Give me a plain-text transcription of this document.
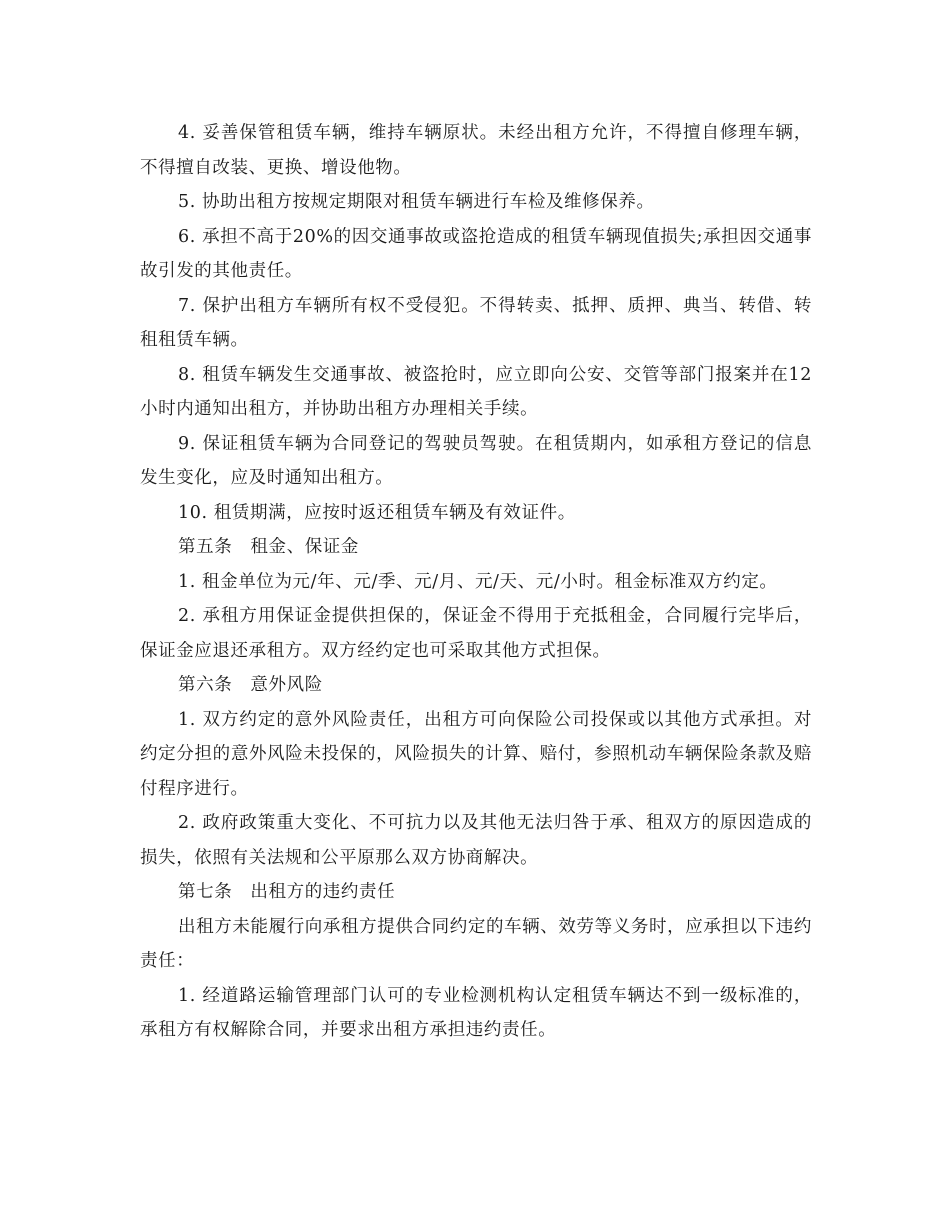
4. 妥善保管租赁车辆，维持车辆原状。未经出租方允许，不得擅自修理车辆，不得擅自改装、更换、增设他物。

5. 协助出租方按规定期限对租赁车辆进行车检及维修保养。

6. 承担不高于20%的因交通事故或盗抢造成的租赁车辆现值损失;承担因交通事故引发的其他责任。

7. 保护出租方车辆所有权不受侵犯。不得转卖、抵押、质押、典当、转借、转租租赁车辆。

8. 租赁车辆发生交通事故、被盗抢时，应立即向公安、交管等部门报案并在12小时内通知出租方，并协助出租方办理相关手续。

9. 保证租赁车辆为合同登记的驾驶员驾驶。在租赁期内，如承租方登记的信息发生变化，应及时通知出租方。

10. 租赁期满，应按时返还租赁车辆及有效证件。

第五条　租金、保证金

1. 租金单位为元/年、元/季、元/月、元/天、元/小时。租金标准双方约定。

2. 承租方用保证金提供担保的，保证金不得用于充抵租金，合同履行完毕后，保证金应退还承租方。双方经约定也可采取其他方式担保。

第六条　意外风险

1. 双方约定的意外风险责任，出租方可向保险公司投保或以其他方式承担。对约定分担的意外风险未投保的，风险损失的计算、赔付，参照机动车辆保险条款及赔付程序进行。

2. 政府政策重大变化、不可抗力以及其他无法归咎于承、租双方的原因造成的损失，依照有关法规和公平原那么双方协商解决。

第七条　出租方的违约责任

出租方未能履行向承租方提供合同约定的车辆、效劳等义务时，应承担以下违约责任：

1. 经道路运输管理部门认可的专业检测机构认定租赁车辆达不到一级标准的，承租方有权解除合同，并要求出租方承担违约责任。
